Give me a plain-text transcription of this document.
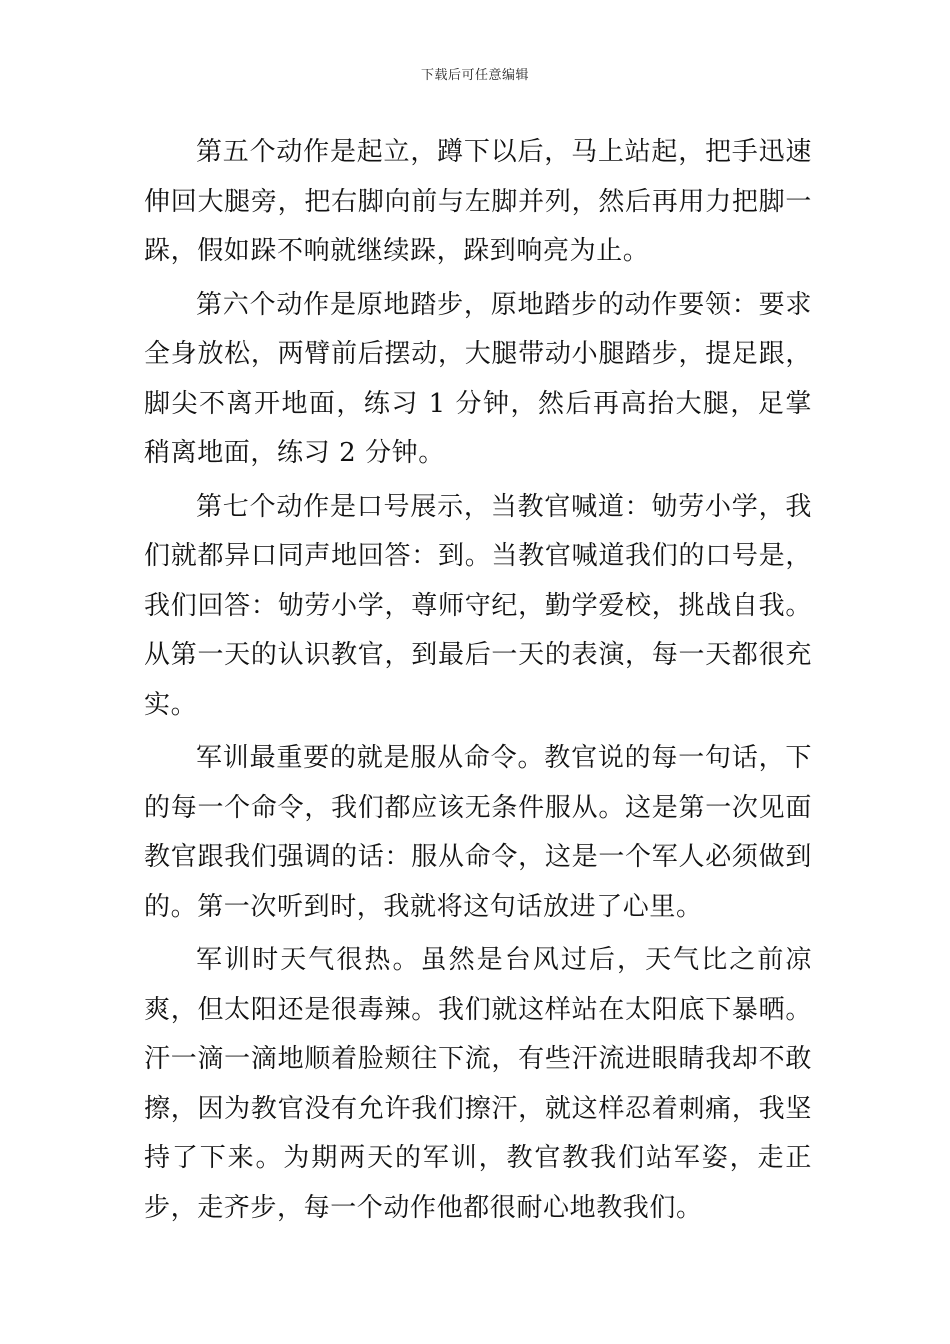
下载后可任意编辑

第五个动作是起立，蹲下以后，马上站起，把手迅速伸回大腿旁，把右脚向前与左脚并列，然后再用力把脚一跺，假如跺不响就继续跺，跺到响亮为止。

第六个动作是原地踏步，原地踏步的动作要领：要求全身放松，两臂前后摆动，大腿带动小腿踏步，提足跟，脚尖不离开地面，练习 1 分钟，然后再高抬大腿，足掌稍离地面，练习 2 分钟。

第七个动作是口号展示，当教官喊道：劬劳小学，我们就都异口同声地回答：到。当教官喊道我们的口号是，我们回答：劬劳小学，尊师守纪，勤学爱校，挑战自我。从第一天的认识教官，到最后一天的表演，每一天都很充实。

军训最重要的就是服从命令。教官说的每一句话，下的每一个命令，我们都应该无条件服从。这是第一次见面教官跟我们强调的话：服从命令，这是一个军人必须做到的。第一次听到时，我就将这句话放进了心里。

军训时天气很热。虽然是台风过后，天气比之前凉爽，但太阳还是很毒辣。我们就这样站在太阳底下暴晒。汗一滴一滴地顺着脸颊往下流，有些汗流进眼睛我却不敢擦，因为教官没有允许我们擦汗，就这样忍着刺痛，我坚持了下来。为期两天的军训，教官教我们站军姿，走正步，走齐步，每一个动作他都很耐心地教我们。
